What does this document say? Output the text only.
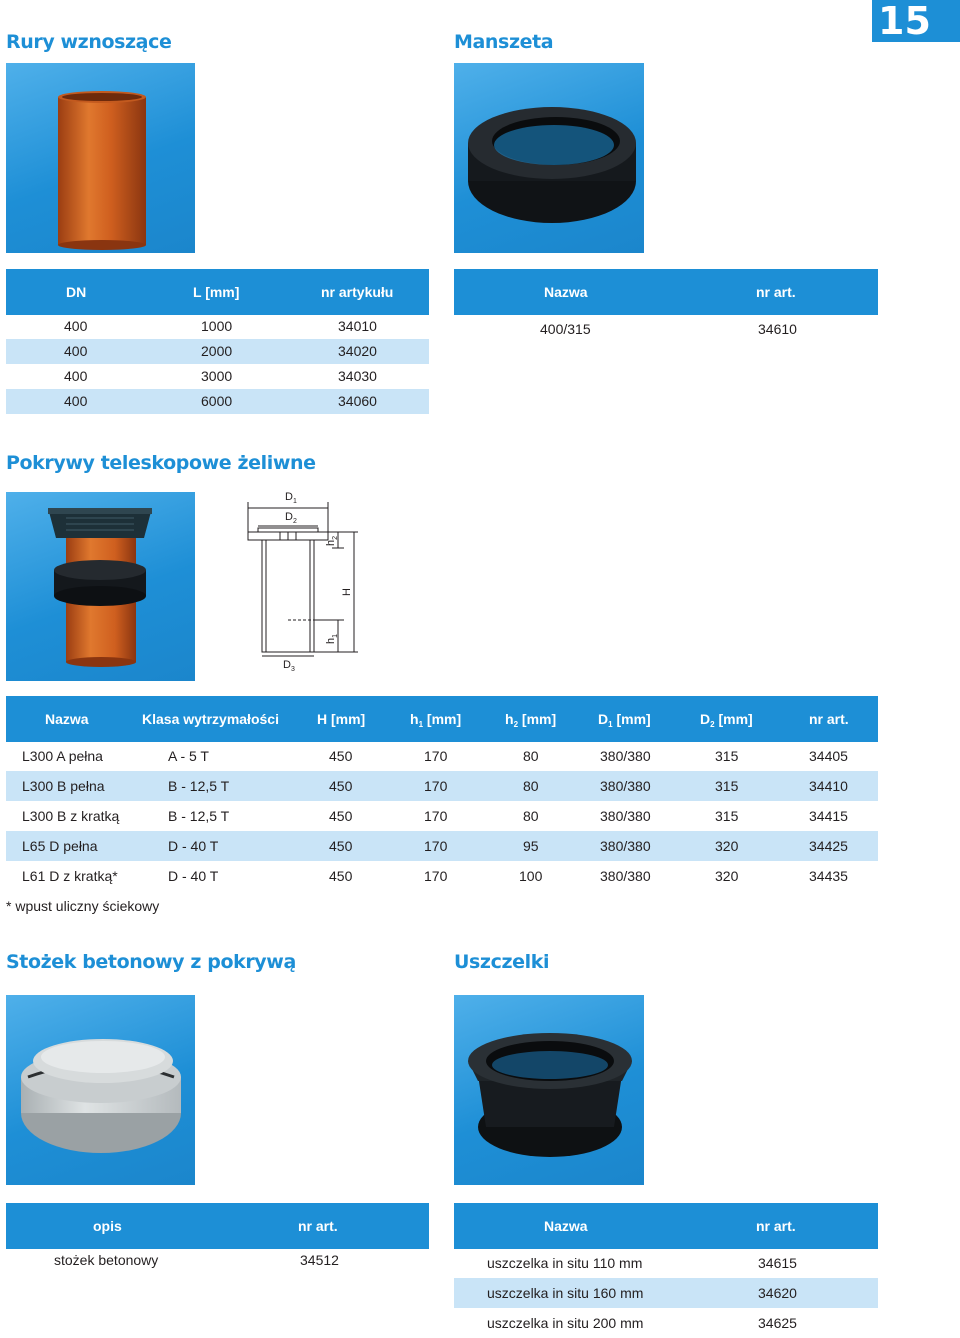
15
Rury wznoszące
DN	L [mm]	nr artykułu
400	1000	34010
400	2000	34020
400	3000	34030
400	6000	34060
Manszeta
Nazwa	nr art.
400/315	34610
Pokrywy teleskopowe żeliwne
$D_1$
$D_2$
$D_3$
H
$h_2$
$h_1$
Nazwa	Klasa wytrzymałości	H [mm]	$h_1$ [mm]	$h_2$ [mm]	$D_1$ [mm]	$D_2$ [mm]	nr art.
L300 A pełna	A - 5 T	450	170	80	380/380	315	34405
L300 B pełna	B - 12,5 T	450	170	80	380/380	315	34410
L300 B z kratką	B - 12,5 T	450	170	80	380/380	315	34415
L65 D pełna	D - 40 T	450	170	95	380/380	320	34425
L61 D z kratką*	D - 40 T	450	170	100	380/380	320	34435
* wpust uliczny ściekowy
Stożek betonowy z pokrywą
opis	nr art.
stożek betonowy	34512
Uszczelki
Nazwa	nr art.
uszczelka in situ 110 mm	34615
uszczelka in situ 160 mm	34620
uszczelka in situ 200 mm	34625
